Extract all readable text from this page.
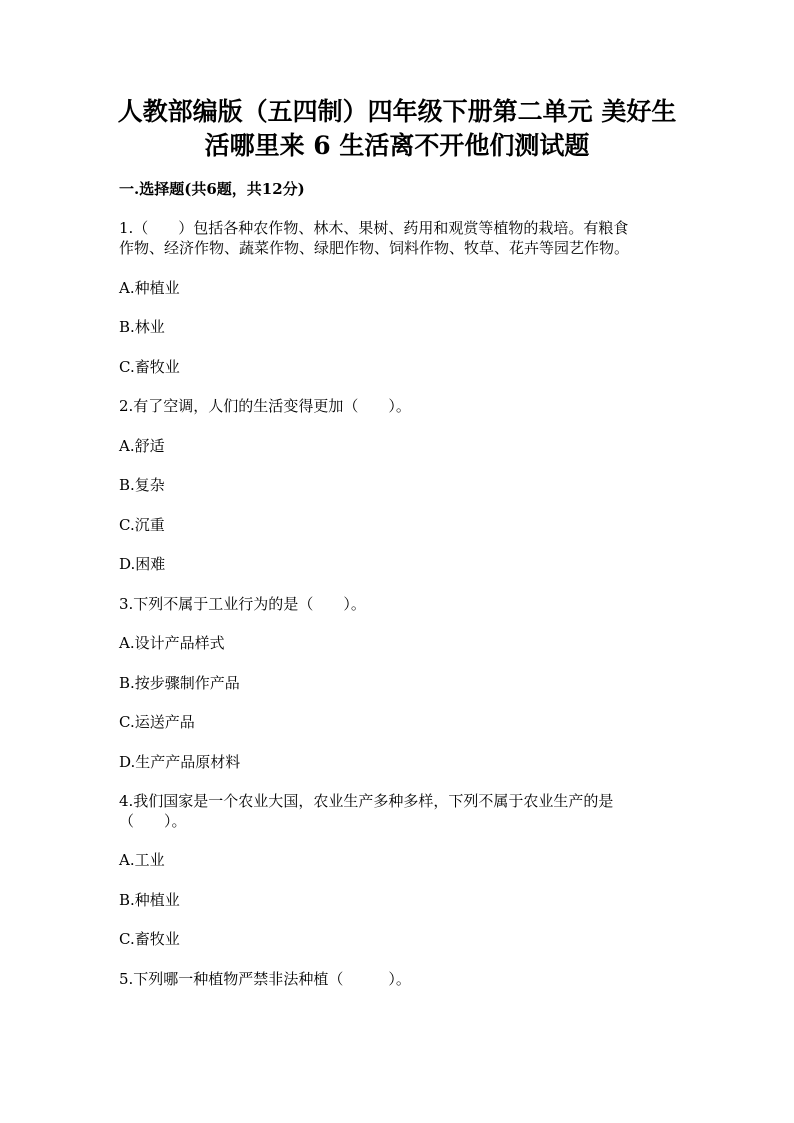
人教部编版（五四制）四年级下册第二单元 美好生
活哪里来 6 生活离不开他们测试题
一.选择题(共6题，共12分)
1.（　　）包括各种农作物、林木、果树、药用和观赏等植物的栽培。有粮食
作物、经济作物、蔬菜作物、绿肥作物、饲料作物、牧草、花卉等园艺作物。
A.种植业
B.林业
C.畜牧业
2.有了空调，人们的生活变得更加（　　）。
A.舒适
B.复杂
C.沉重
D.困难
3.下列不属于工业行为的是（　　）。
A.设计产品样式
B.按步骤制作产品
C.运送产品
D.生产产品原材料
4.我们国家是一个农业大国，农业生产多种多样，下列不属于农业生产的是
（　　）。
A.工业
B.种植业
C.畜牧业
5.下列哪一种植物严禁非法种植（　　　）。
